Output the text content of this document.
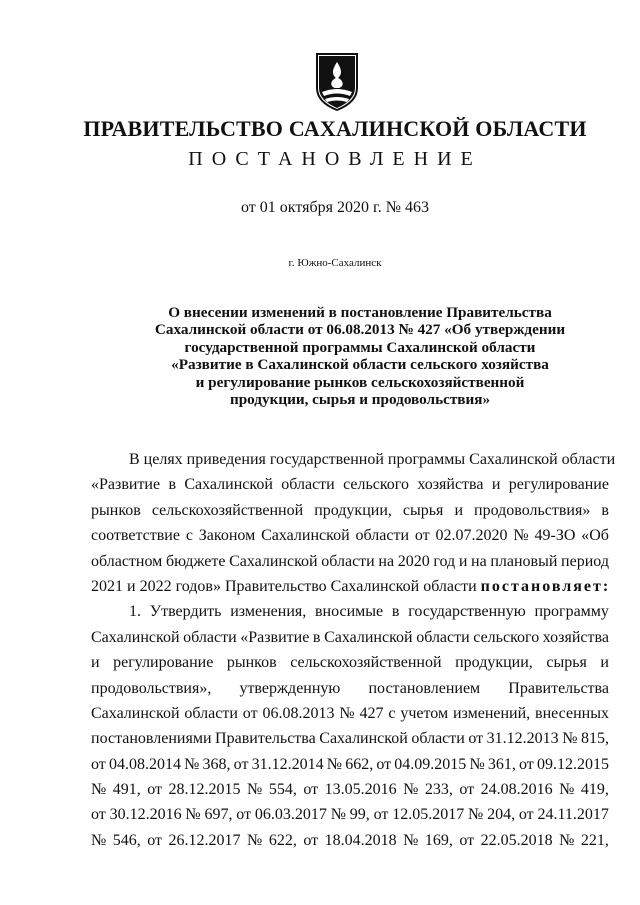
ПРАВИТЕЛЬСТВО САХАЛИНСКОЙ ОБЛАСТИ
ПОСТАНОВЛЕНИЕ
от 01 октября 2020 г. № 463
г. Южно-Сахалинск
О внесении изменений в постановление Правительства
Сахалинской области от 06.08.2013 № 427 «Об утверждении
государственной программы Сахалинской области
«Развитие в Сахалинской области сельского хозяйства
и регулирование рынков сельскохозяйственной
продукции, сырья и продовольствия»
В целях приведения государственной программы Сахалинской области
«Развитие в Сахалинской области сельского хозяйства и регулирование
рынков сельскохозяйственной продукции, сырья и продовольствия» в
соответствие с Законом Сахалинской области от 02.07.2020 № 49-ЗО «Об
областном бюджете Сахалинской области на 2020 год и на плановый период
2021 и 2022 годов» Правительство Сахалинской области
постановляет:
1. Утвердить изменения, вносимые в государственную программу
Сахалинской области «Развитие в Сахалинской области сельского хозяйства
и регулирование рынков сельскохозяйственной продукции, сырья и
продовольствия», утвержденную постановлением Правительства
Сахалинской области от 06.08.2013 № 427 с учетом изменений, внесенных
постановлениями Правительства Сахалинской области от 31.12.2013 № 815,
от 04.08.2014 № 368, от 31.12.2014 № 662, от 04.09.2015 № 361, от 09.12.2015
№ 491, от 28.12.2015 № 554, от 13.05.2016 № 233, от 24.08.2016 № 419,
от 30.12.2016 № 697, от 06.03.2017 № 99, от 12.05.2017 № 204, от 24.11.2017
№ 546, от 26.12.2017 № 622, от 18.04.2018 № 169, от 22.05.2018 № 221,
